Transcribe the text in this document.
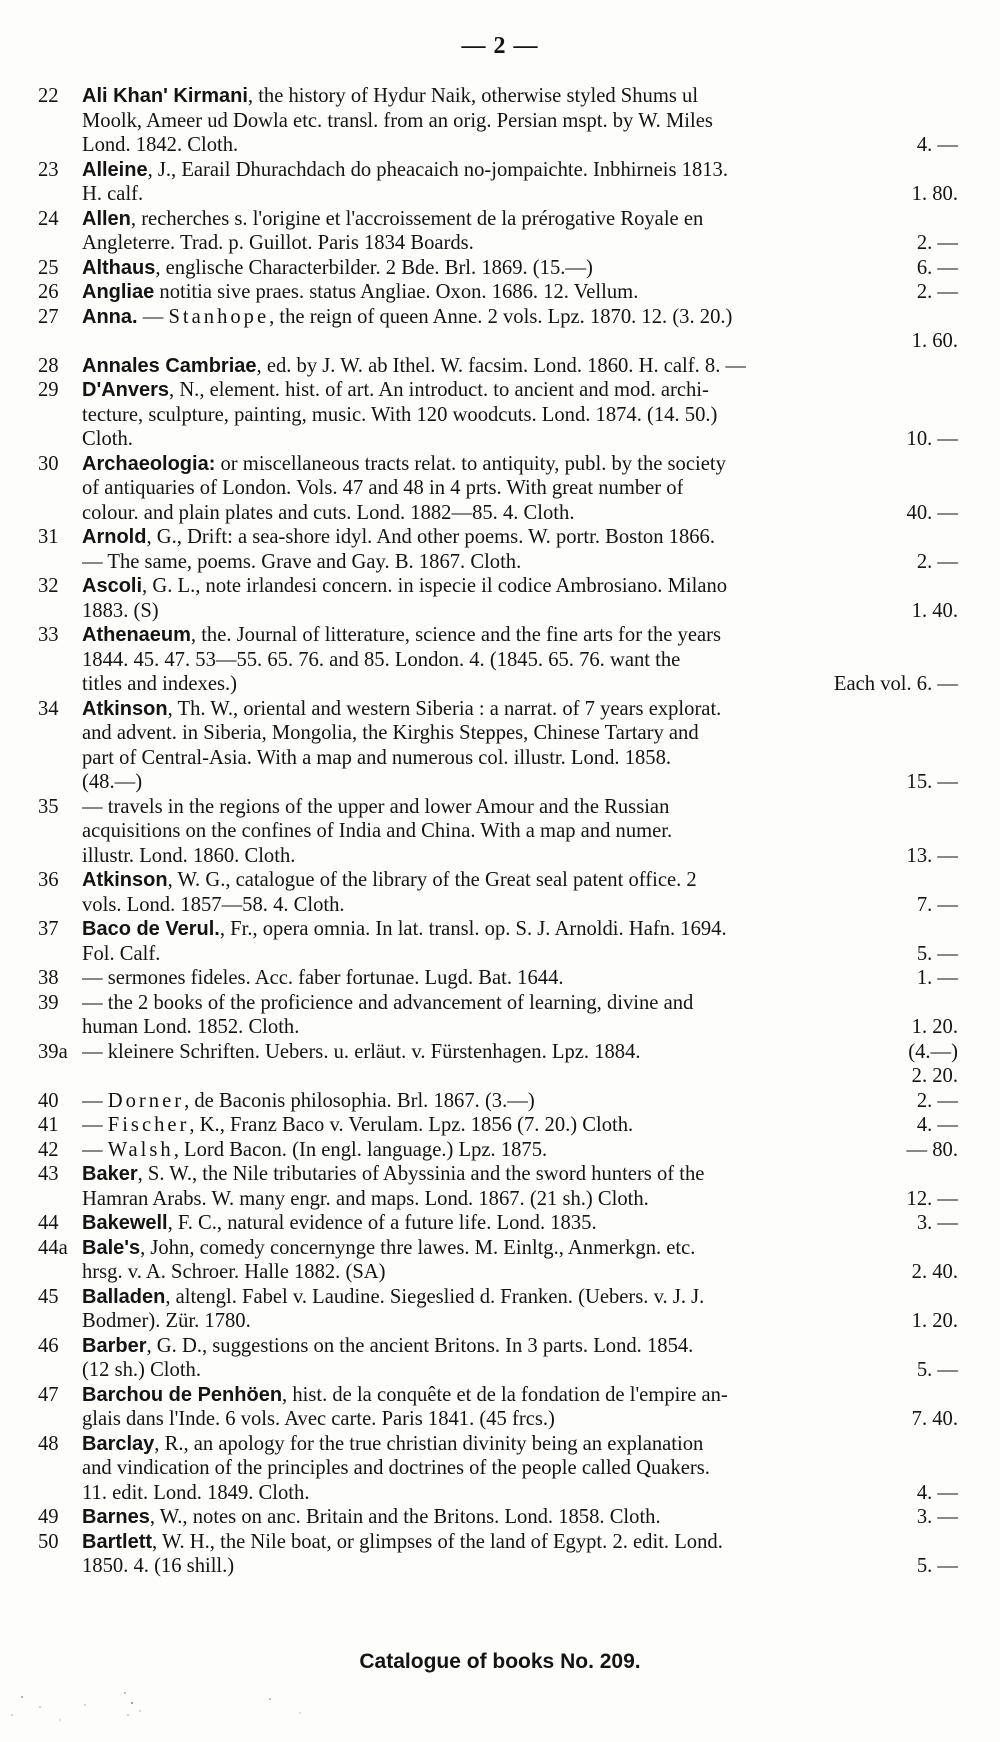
— 2 —
22	Ali Khan' Kirmani, the history of Hydur Naik, otherwise styled Shums ul
Moolk, Ameer ud Dowla etc. transl. from an orig. Persian mspt. by W. Miles
Lond. 1842. Cloth.	4. —
23	Alleine, J., Earail Dhurachdach do pheacaich no-jompaichte. Inbhirneis 1813.
H. calf.	1. 80.
24	Allen, recherches s. l'origine et l'accroissement de la prérogative Royale en
Angleterre. Trad. p. Guillot. Paris 1834 Boards.	2. —
25	Althaus, englische Characterbilder. 2 Bde. Brl. 1869. (15.—)	6. —
26	Angliae notitia sive praes. status Angliae. Oxon. 1686. 12. Vellum.	2. —
27	Anna. — Stanhope, the reign of queen Anne. 2 vols. Lpz. 1870. 12. (3. 20.)
1. 60.
28	Annales Cambriae, ed. by J. W. ab Ithel. W. facsim. Lond. 1860. H. calf. 8. —
29	D'Anvers, N., element. hist. of art. An introduct. to ancient and mod. archi-
tecture, sculpture, painting, music. With 120 woodcuts. Lond. 1874. (14. 50.)
Cloth.	10. —
30	Archaeologia: or miscellaneous tracts relat. to antiquity, publ. by the society
of antiquaries of London. Vols. 47 and 48 in 4 prts. With great number of
colour. and plain plates and cuts. Lond. 1882—85. 4. Cloth.	40. —
31	Arnold, G., Drift: a sea-shore idyl. And other poems. W. portr. Boston 1866.
— The same, poems. Grave and Gay. B. 1867. Cloth.	2. —
32	Ascoli, G. L., note irlandesi concern. in ispecie il codice Ambrosiano. Milano
1883. (S)	1. 40.
33	Athenaeum, the. Journal of litterature, science and the fine arts for the years
1844. 45. 47. 53—55. 65. 76. and 85. London. 4. (1845. 65. 76. want the
titles and indexes.)	Each vol. 6. —
34	Atkinson, Th. W., oriental and western Siberia : a narrat. of 7 years explorat.
and advent. in Siberia, Mongolia, the Kirghis Steppes, Chinese Tartary and
part of Central-Asia. With a map and numerous col. illustr. Lond. 1858.
(48.—)	15. —
35	— travels in the regions of the upper and lower Amour and the Russian
acquisitions on the confines of India and China. With a map and numer.
illustr. Lond. 1860. Cloth.	13. —
36	Atkinson, W. G., catalogue of the library of the Great seal patent office. 2
vols. Lond. 1857—58. 4. Cloth.	7. —
37	Baco de Verul., Fr., opera omnia. In lat. transl. op. S. J. Arnoldi. Hafn. 1694.
Fol. Calf.	5. —
38	— sermones fideles. Acc. faber fortunae. Lugd. Bat. 1644.	1. —
39	— the 2 books of the proficience and advancement of learning, divine and
human Lond. 1852. Cloth.	1. 20.
39a — kleinere Schriften. Uebers. u. erläut. v. Fürstenhagen. Lpz. 1884.	(4.—)
2. 20.
40	— Dorner, de Baconis philosophia. Brl. 1867. (3.—)	2. —
41	— Fischer, K., Franz Baco v. Verulam. Lpz. 1856 (7. 20.) Cloth.	4. —
42	— Walsh, Lord Bacon. (In engl. language.) Lpz. 1875.	— 80.
43	Baker, S. W., the Nile tributaries of Abyssinia and the sword hunters of the
Hamran Arabs. W. many engr. and maps. Lond. 1867. (21 sh.) Cloth.	12. —
44	Bakewell, F. C., natural evidence of a future life. Lond. 1835.	3. —
44a Bale's, John, comedy concernynge thre lawes. M. Einltg., Anmerkgn. etc.
hrsg. v. A. Schroer. Halle 1882. (SA)	2. 40.
45	Balladen, altengl. Fabel v. Laudine. Siegeslied d. Franken. (Uebers. v. J. J.
Bodmer). Zür. 1780.	1. 20.
46	Barber, G. D., suggestions on the ancient Britons. In 3 parts. Lond. 1854.
(12 sh.) Cloth.	5. —
47	Barchou de Penhöen, hist. de la conquête et de la fondation de l'empire an-
glais dans l'Inde. 6 vols. Avec carte. Paris 1841. (45 frcs.)	7. 40.
48	Barclay, R., an apology for the true christian divinity being an explanation
and vindication of the principles and doctrines of the people called Quakers.
11. edit. Lond. 1849. Cloth.	4. —
49	Barnes, W., notes on anc. Britain and the Britons. Lond. 1858. Cloth.	3. —
50	Bartlett, W. H., the Nile boat, or glimpses of the land of Egypt. 2. edit. Lond.
1850. 4. (16 shill.)	5. —
Catalogue of books No. 209.
